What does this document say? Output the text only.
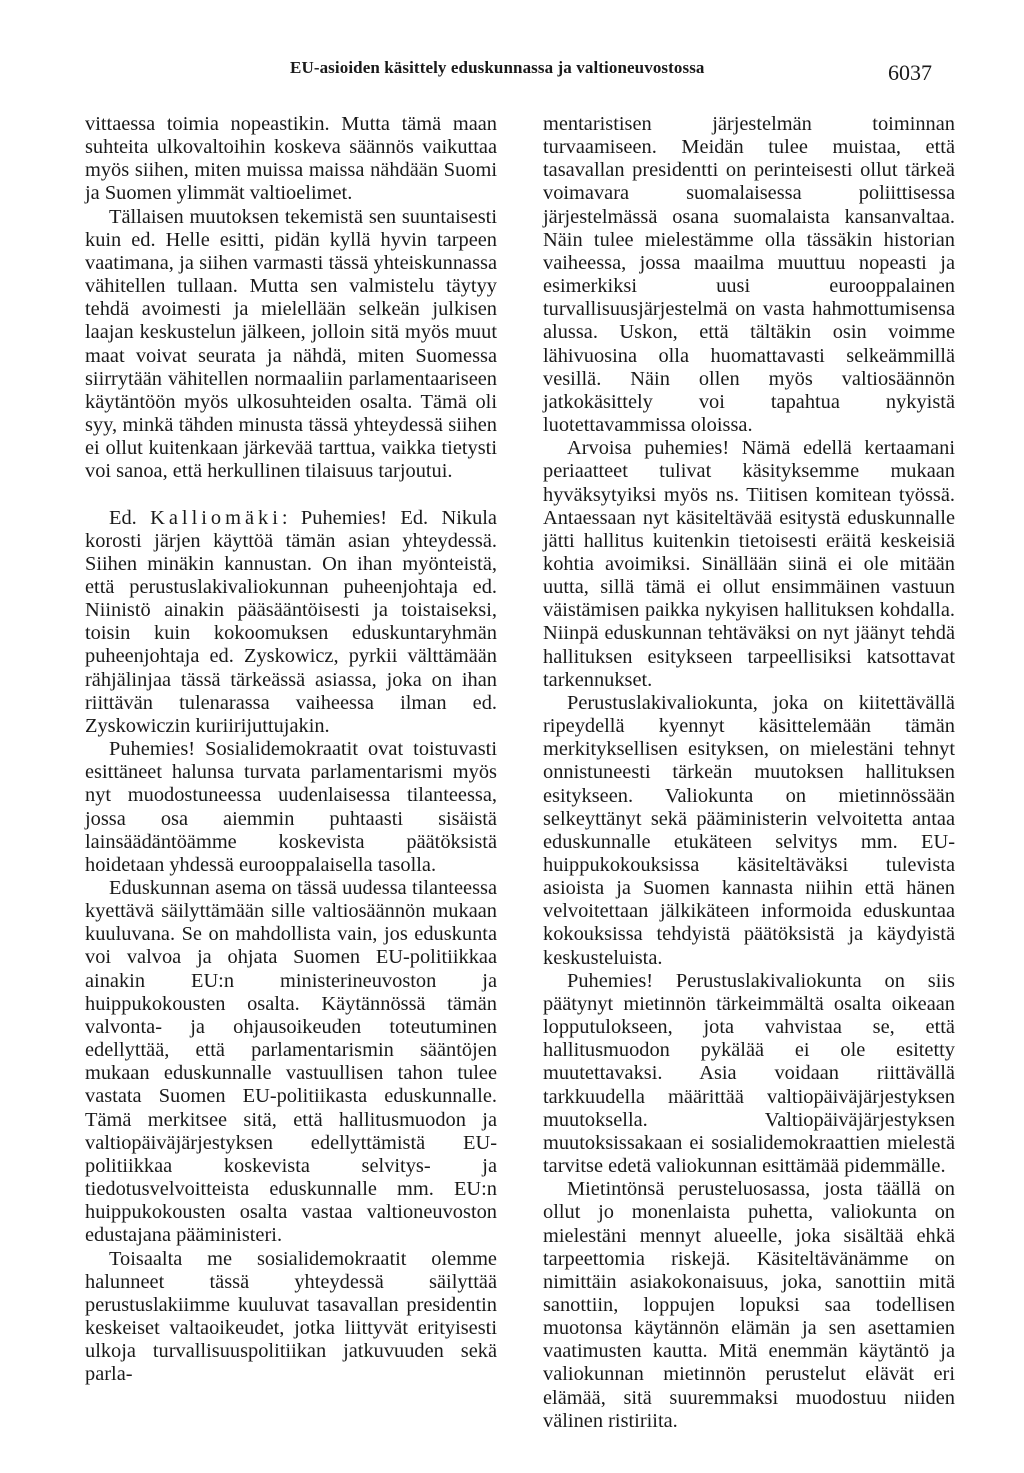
EU-asioiden käsittely eduskunnassa ja valtioneuvostossa	6037

vittaessa toimia nopeastikin. Mutta tämä maan suhteita ulkovaltoihin koskeva säännös vaikuttaa myös siihen, miten muissa maissa nähdään Suomi ja Suomen ylimmät valtioelimet.

Tällaisen muutoksen tekemistä sen suuntaisesti kuin ed. Helle esitti, pidän kyllä hyvin tarpeen vaatimana, ja siihen varmasti tässä yhteiskunnassa vähitellen tullaan. Mutta sen valmistelu täytyy tehdä avoimesti ja mielellään selkeän julkisen laajan keskustelun jälkeen, jolloin sitä myös muut maat voivat seurata ja nähdä, miten Suomessa siirrytään vähitellen normaaliin parlamentaariseen käytäntöön myös ulkosuhteiden osalta. Tämä oli syy, minkä tähden minusta tässä yhteydessä siihen ei ollut kuitenkaan järkevää tarttua, vaikka tietysti voi sanoa, että herkullinen tilaisuus tarjoutui.

Ed. Kalliomäki: Puhemies! Ed. Nikula korosti järjen käyttöä tämän asian yhteydessä. Siihen minäkin kannustan. On ihan myönteistä, että perustuslakivaliokunnan puheenjohtaja ed. Niinistö ainakin pääsääntöisesti ja toistaiseksi, toisin kuin kokoomuksen eduskuntaryhmän puheenjohtaja ed. Zyskowicz, pyrkii välttämään rähjälinjaa tässä tärkeässä asiassa, joka on ihan riittävän tulenarassa vaiheessa ilman ed. Zyskowiczin kuriirijuttujakin.

Puhemies! Sosialidemokraatit ovat toistuvasti esittäneet halunsa turvata parlamentarismi myös nyt muodostuneessa uudenlaisessa tilanteessa, jossa osa aiemmin puhtaasti sisäistä lainsäädäntöämme koskevista päätöksistä hoidetaan yhdessä eurooppalaisella tasolla.

Eduskunnan asema on tässä uudessa tilanteessa kyettävä säilyttämään sille valtiosäännön mukaan kuuluvana. Se on mahdollista vain, jos eduskunta voi valvoa ja ohjata Suomen EU-politiikkaa ainakin EU:n ministerineuvoston ja huippukokousten osalta. Käytännössä tämän valvonta- ja ohjausoikeuden toteutuminen edellyttää, että parlamentarismin sääntöjen mukaan eduskunnalle vastuullisen tahon tulee vastata Suomen EU-politiikasta eduskunnalle. Tämä merkitsee sitä, että hallitusmuodon ja valtiopäiväjärjestyksen edellyttämistä EU-politiikkaa koskevista selvitys- ja tiedotusvelvoitteista eduskunnalle mm. EU:n huippukokousten osalta vastaa valtioneuvoston edustajana pääministeri.

Toisaalta me sosialidemokraatit olemme halunneet tässä yhteydessä säilyttää perustuslakiimme kuuluvat tasavallan presidentin keskeiset valtaoikeudet, jotka liittyvät erityisesti ulkoja turvallisuuspolitiikan jatkuvuuden sekä parla-

mentaristisen järjestelmän toiminnan turvaamiseen. Meidän tulee muistaa, että tasavallan presidentti on perinteisesti ollut tärkeä voimavara suomalaisessa poliittisessa järjestelmässä osana suomalaista kansanvaltaa. Näin tulee mielestämme olla tässäkin historian vaiheessa, jossa maailma muuttuu nopeasti ja esimerkiksi uusi eurooppalainen turvallisuusjärjestelmä on vasta hahmottumisensa alussa. Uskon, että tältäkin osin voimme lähivuosina olla huomattavasti selkeämmillä vesillä. Näin ollen myös valtiosäännön jatkokäsittely voi tapahtua nykyistä luotettavammissa oloissa.

Arvoisa puhemies! Nämä edellä kertaamani periaatteet tulivat käsityksemme mukaan hyväksytyiksi myös ns. Tiitisen komitean työssä. Antaessaan nyt käsiteltävää esitystä eduskunnalle jätti hallitus kuitenkin tietoisesti eräitä keskeisiä kohtia avoimiksi. Sinällään siinä ei ole mitään uutta, sillä tämä ei ollut ensimmäinen vastuun väistämisen paikka nykyisen hallituksen kohdalla. Niinpä eduskunnan tehtäväksi on nyt jäänyt tehdä hallituksen esitykseen tarpeellisiksi katsottavat tarkennukset.

Perustuslakivaliokunta, joka on kiitettävällä ripeydellä kyennyt käsittelemään tämän merkityksellisen esityksen, on mielestäni tehnyt onnistuneesti tärkeän muutoksen hallituksen esitykseen. Valiokunta on mietinnössään selkeyttänyt sekä pääministerin velvoitetta antaa eduskunnalle etukäteen selvitys mm. EU-huippukokouksissa käsiteltäväksi tulevista asioista ja Suomen kannasta niihin että hänen velvoitettaan jälkikäteen informoida eduskuntaa kokouksissa tehdyistä päätöksistä ja käydyistä keskusteluista.

Puhemies! Perustuslakivaliokunta on siis päätynyt mietinnön tärkeimmältä osalta oikeaan lopputulokseen, jota vahvistaa se, että hallitusmuodon pykälää ei ole esitetty muutettavaksi. Asia voidaan riittävällä tarkkuudella määrittää valtiopäiväjärjestyksen muutoksella. Valtiopäiväjärjestyksen muutoksissakaan ei sosialidemokraattien mielestä tarvitse edetä valiokunnan esittämää pidemmälle.

Mietintönsä perusteluosassa, josta täällä on ollut jo monenlaista puhetta, valiokunta on mielestäni mennyt alueelle, joka sisältää ehkä tarpeettomia riskejä. Käsiteltävänämme on nimittäin asiakokonaisuus, joka, sanottiin mitä sanottiin, loppujen lopuksi saa todellisen muotonsa käytännön elämän ja sen asettamien vaatimusten kautta. Mitä enemmän käytäntö ja valiokunnan mietinnön perustelut elävät eri elämää, sitä suuremmaksi muodostuu niiden välinen ristiriita.
